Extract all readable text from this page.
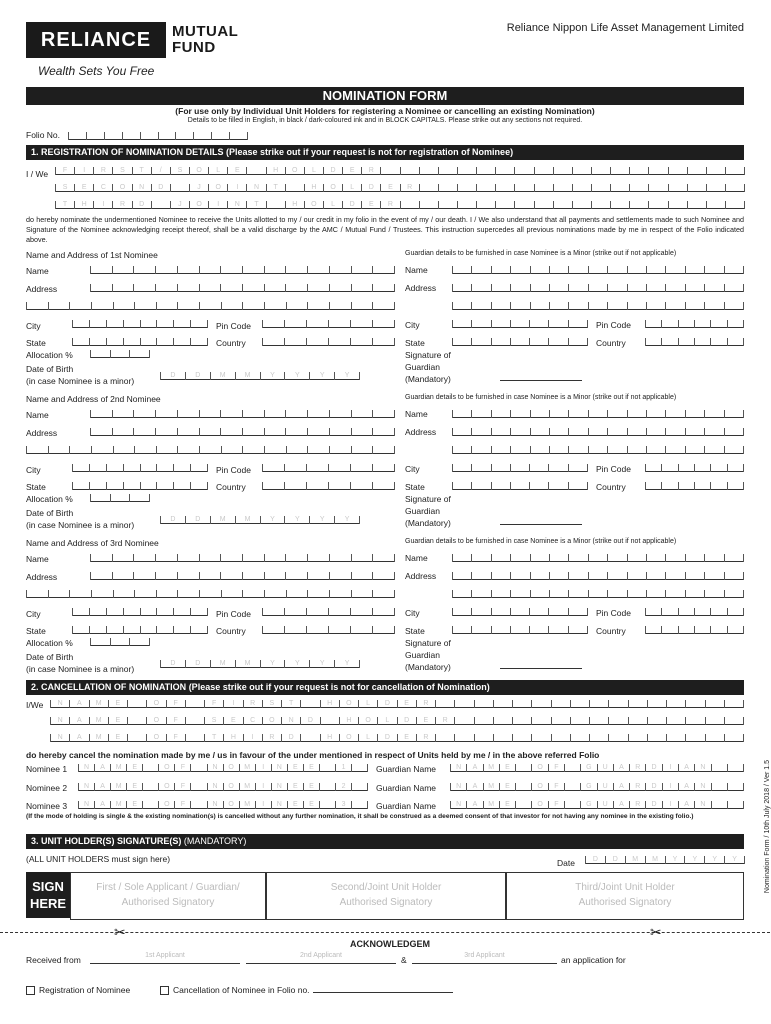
RELIANCE MUTUAL
FUND
Wealth Sets You Free
Reliance Nippon Life Asset Management Limited
NOMINATION FORM
(For use only by Individual Unit Holders for registering a Nominee or cancelling an existing Nomination)
Details to be filled in English, in black / dark-coloured ink and in BLOCK CAPITALS. Please strike out any sections not required.
Folio No.
1. REGISTRATION OF NOMINATION DETAILS (Please strike out if your request is not for registration of Nominee)
I / We	F	I	R	S	T	/	S	O	L	E	H	O	L	D	E	R
S	E	C	O	N	D	J	O	I	N	T	H	O	L	D	E	R
T	H	I	R	D	J	O	I	N	T	H	O	L	D	E	R
do hereby nominate the undermentioned Nominee to receive the Units allotted to my / our credit in my folio in the event of my / our death. I / We also understand that all payments and settlements made to such Nominee and Signature of the Nominee acknowledging receipt thereof, shall be a valid discharge by the AMC / Mutual Fund / Trustees. This instruction supercedes all previous nominations made by me in respect of the Folio indicated above.
Name and Address of 1st Nominee	Guardian details to be furnished in case Nominee is a Minor (strike out if not applicable)
Name	Name
Address	Address
City	Pin Code	City	Pin Code
State	Country	State	Country
Allocation %
Date of Birth
(in case Nominee is a minor)
D	D	M	M	Y	Y	Y	Y
Signature of
Guardian
(Mandatory)
Name and Address of 2nd Nominee	Guardian details to be furnished in case Nominee is a Minor (strike out if not applicable)
Name	Name
Address	Address
City	Pin Code	City	Pin Code
State	Country	State	Country
Allocation %
Date of Birth
(in case Nominee is a minor)
D	D	M	M	Y	Y	Y	Y
Signature of
Guardian
(Mandatory)
Name and Address of 3rd Nominee	Guardian details to be furnished in case Nominee is a Minor (strike out if not applicable)
Name	Name
Address	Address
City	Pin Code	City	Pin Code
State	Country	State	Country
Allocation %
Date of Birth
(in case Nominee is a minor)
D	D	M	M	Y	Y	Y	Y
Signature of
Guardian
(Mandatory)
2. CANCELLATION OF NOMINATION (Please strike out if your request is not for cancellation of Nomination)
I/We	N	A	M	E	O	F	F	I	R	S	T	H	O	L	D	E	R
N	A	M	E	O	F	S	E	C	O	N	D	H	O	L	D	E	R
N	A	M	E	O	F	T	H	I	R	D	H	O	L	D	E	R
do hereby cancel the nomination made by me / us in favour of the under mentioned in respect of Units held by me / in the above referred Folio
Nominee 1	N	A	M	E	O	F	N	O	M	I	N	E	E	1	Guardian Name	N	A	M	E	O	F	G	U	A	R	D	I	A	N
Nominee 2	N	A	M	E	O	F	N	O	M	I	N	E	E	2	Guardian Name	N	A	M	E	O	F	G	U	A	R	D	I	A	N
Nominee 3	N	A	M	E	O	F	N	O	M	I	N	E	E	3	Guardian Name	N	A	M	E	O	F	G	U	A	R	D	I	A	N
(If the mode of holding is single & the existing nomination(s) is cancelled without any further nomination, it shall be construed as a deemed consent of that investor for not having any nominee in the existing folio.)
3. UNIT HOLDER(S) SIGNATURE(S) (MANDATORY)
(ALL UNIT HOLDERS must sign here)	Date	D	D	M	M	Y	Y	Y	Y
SIGN
HERE
First / Sole Applicant / Guardian/
Authorised Signatory
Second/Joint Unit Holder
Authorised Signatory
Third/Joint Unit Holder
Authorised Signatory
✂	✂
ACKNOWLEDGEM
Received from	1st Applicant	2nd Applicant	&	3rd Applicant	an application for
Registration of Nominee	Cancellation of Nominee in Folio no.
Nomination Form / 10th July 2018 / Ver 1.5
